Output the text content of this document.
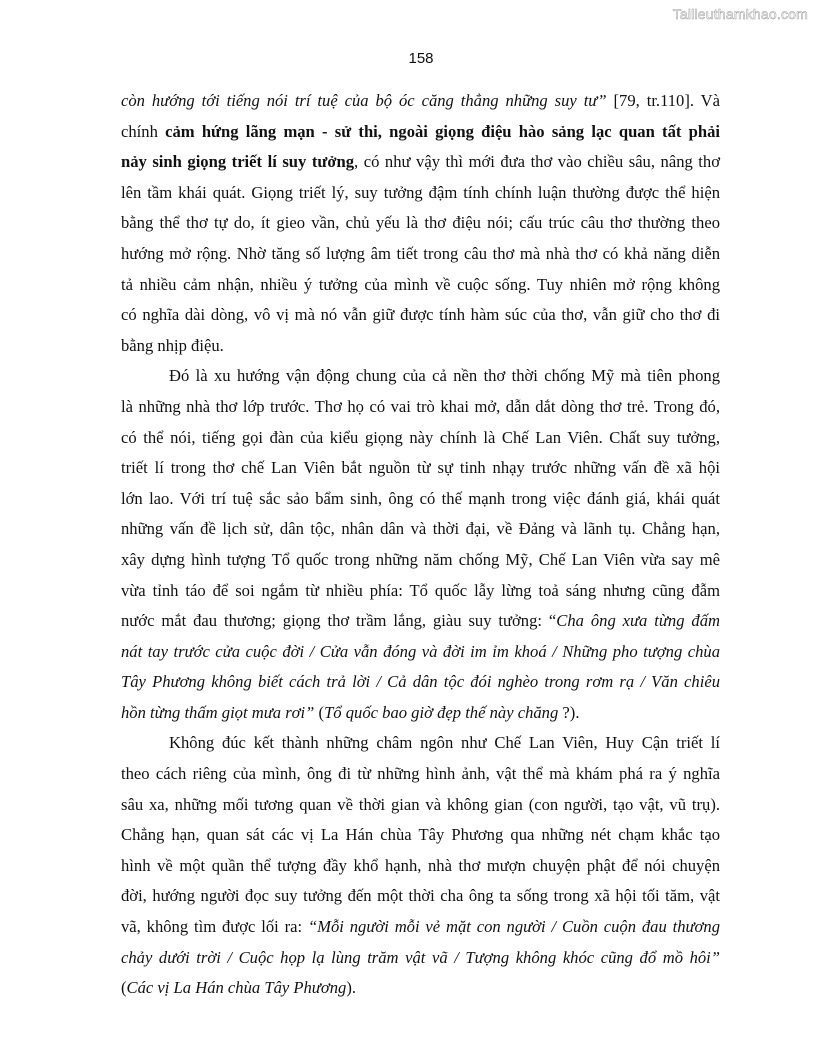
Tailieuthamkhao.com
158
còn hướng tới tiếng nói trí tuệ của bộ óc căng thẳng những suy tư” [79, tr.110]. Và
chính cảm hứng lãng mạn - sử thi, ngoài giọng điệu hào sảng lạc quan tất phải
nảy sinh giọng triết lí suy tưởng, có như vậy thì mới đưa thơ vào chiều sâu, nâng thơ
lên tầm khái quát. Giọng triết lý, suy tưởng đậm tính chính luận thường được thể hiện
bằng thể thơ tự do, ít gieo vần, chủ yếu là thơ điệu nói; cấu trúc câu thơ thường theo
hướng mở rộng. Nhờ tăng số lượng âm tiết trong câu thơ mà nhà thơ có khả năng diễn
tả nhiều cảm nhận, nhiều ý tưởng của mình về cuộc sống. Tuy nhiên mở rộng không
có nghĩa dài dòng, vô vị mà nó vẫn giữ được tính hàm súc của thơ, vẫn giữ cho thơ đi
bằng nhịp điệu.
Đó là xu hướng vận động chung của cả nền thơ thời chống Mỹ mà tiên phong
là những nhà thơ lớp trước. Thơ họ có vai trò khai mở, dẫn dắt dòng thơ trẻ. Trong đó,
có thể nói, tiếng gọi đàn của kiểu giọng này chính là Chế Lan Viên. Chất suy tưởng,
triết lí trong thơ chế Lan Viên bắt nguồn từ sự tinh nhạy trước những vấn đề xã hội
lớn lao. Với trí tuệ sắc sảo bẩm sinh, ông có thế mạnh trong việc đánh giá, khái quát
những vấn đề lịch sử, dân tộc, nhân dân và thời đại, về Đảng và lãnh tụ. Chẳng hạn,
xây dựng hình tượng Tổ quốc trong những năm chống Mỹ, Chế Lan Viên vừa say mê
vừa tỉnh táo để soi ngắm từ nhiều phía: Tổ quốc lẫy lừng toả sáng nhưng cũng đẫm
nước mắt đau thương; giọng thơ trầm lắng, giàu suy tưởng: “Cha ông xưa từng đấm
nát tay trước cửa cuộc đời / Cửa vẫn đóng và đời im ỉm khoá / Những pho tượng chùa
Tây Phương không biết cách trả lời / Cả dân tộc đói nghèo trong rơm rạ / Văn chiêu
hồn từng thấm giọt mưa rơi” (Tổ quốc bao giờ đẹp thế này chăng ?).
Không đúc kết thành những châm ngôn như Chế Lan Viên, Huy Cận triết lí
theo cách riêng của mình, ông đi từ những hình ảnh, vật thể mà khám phá ra ý nghĩa
sâu xa, những mối tương quan về thời gian và không gian (con người, tạo vật, vũ trụ).
Chẳng hạn, quan sát các vị La Hán chùa Tây Phương qua những nét chạm khắc tạo
hình về một quần thể tượng đầy khổ hạnh, nhà thơ mượn chuyện phật để nói chuyện
đời, hướng người đọc suy tưởng đến một thời cha ông ta sống trong xã hội tối tăm, vật
vã, không tìm được lối ra: “Mỗi người mỗi vẻ mặt con người / Cuồn cuộn đau thương
chảy dưới trời / Cuộc họp lạ lùng trăm vật vã / Tượng không khóc cũng đổ mồ hôi”
(Các vị La Hán chùa Tây Phương).
